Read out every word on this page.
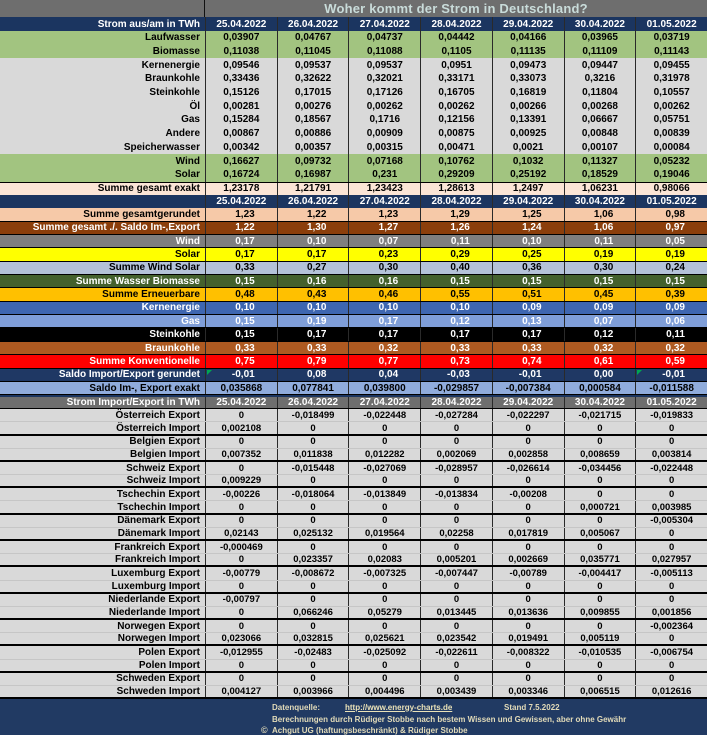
Woher kommt der Strom in Deutschland?
Strom aus/am in TWh	25.04.2022	26.04.2022	27.04.2022	28.04.2022	29.04.2022	30.04.2022	01.05.2022
Laufwasser	0,03907	0,04767	0,04737	0,04442	0,04166	0,03965	0,03719
Biomasse	0,11038	0,11045	0,11088	0,1105	0,11135	0,11109	0,11143
Kernenergie	0,09546	0,09537	0,09537	0,0951	0,09473	0,09447	0,09455
Braunkohle	0,33436	0,32622	0,32021	0,33171	0,33073	0,3216	0,31978
Steinkohle	0,15126	0,17015	0,17126	0,16705	0,16819	0,11804	0,10557
Öl	0,00281	0,00276	0,00262	0,00262	0,00266	0,00268	0,00262
Gas	0,15284	0,18567	0,1716	0,12156	0,13391	0,06667	0,05751
Andere	0,00867	0,00886	0,00909	0,00875	0,00925	0,00848	0,00839
Speicherwasser	0,00342	0,00357	0,00315	0,00471	0,0021	0,00107	0,00084
Wind	0,16627	0,09732	0,07168	0,10762	0,1032	0,11327	0,05232
Solar	0,16724	0,16987	0,231	0,29209	0,25192	0,18529	0,19046
Summe gesamt exakt	1,23178	1,21791	1,23423	1,28613	1,2497	1,06231	0,98066
25.04.2022	26.04.2022	27.04.2022	28.04.2022	29.04.2022	30.04.2022	01.05.2022
Summe gesamtgerundet	1,23	1,22	1,23	1,29	1,25	1,06	0,98
Summe gesamt ./. Saldo Im-,Export	1,22	1,30	1,27	1,26	1,24	1,06	0,97
Wind	0,17	0,10	0,07	0,11	0,10	0,11	0,05
Solar	0,17	0,17	0,23	0,29	0,25	0,19	0,19
Summe Wind Solar	0,33	0,27	0,30	0,40	0,36	0,30	0,24
Summe Wasser Biomasse	0,15	0,16	0,16	0,15	0,15	0,15	0,15
Summe Erneuerbare	0,48	0,43	0,46	0,55	0,51	0,45	0,39
Kernenergie	0,10	0,10	0,10	0,10	0,09	0,09	0,09
Gas	0,15	0,19	0,17	0,12	0,13	0,07	0,06
Steinkohle	0,15	0,17	0,17	0,17	0,17	0,12	0,11
Braunkohle	0,33	0,33	0,32	0,33	0,33	0,32	0,32
Summe Konventionelle	0,75	0,79	0,77	0,73	0,74	0,61	0,59
Saldo Import/Export gerundet	-0,01	0,08	0,04	-0,03	-0,01	0,00	-0,01
Saldo Im-, Export exakt	0,035868	0,077841	0,039800	-0,029857	-0,007384	0,000584	-0,011588
Strom Import/Export in TWh	25.04.2022	26.04.2022	27.04.2022	28.04.2022	29.04.2022	30.04.2022	01.05.2022
Österreich Export	0	-0,018499	-0,022448	-0,027284	-0,022297	-0,021715	-0,019833
Österreich Import	0,002108	0	0	0	0	0	0
Belgien Export	0	0	0	0	0	0	0
Belgien Import	0,007352	0,011838	0,012282	0,002069	0,002858	0,008659	0,003814
Schweiz Export	0	-0,015448	-0,027069	-0,028957	-0,026614	-0,034456	-0,022448
Schweiz Import	0,009229	0	0	0	0	0	0
Tschechin Export	-0,00226	-0,018064	-0,013849	-0,013834	-0,00208	0	0
Tschechin Import	0	0	0	0	0	0,000721	0,003985
Dänemark Export	0	0	0	0	0	0	-0,005304
Dänemark Import	0,02143	0,025132	0,019564	0,02258	0,017819	0,005067	0
Frankreich Export	-0,000469	0	0	0	0	0	0
Frankreich Import	0	0,023357	0,02083	0,005201	0,002669	0,035771	0,027957
Luxemburg Export	-0,00779	-0,008672	-0,007325	-0,007447	-0,00789	-0,004417	-0,005113
Luxemburg Import	0	0	0	0	0	0	0
Niederlande Export	-0,00797	0	0	0	0	0	0
Niederlande Import	0	0,066246	0,05279	0,013445	0,013636	0,009855	0,001856
Norwegen Export	0	0	0	0	0	0	-0,002364
Norwegen Import	0,023066	0,032815	0,025621	0,023542	0,019491	0,005119	0
Polen Export	-0,012955	-0,02483	-0,025092	-0,022611	-0,008322	-0,010535	-0,006754
Polen Import	0	0	0	0	0	0	0
Schweden Export	0	0	0	0	0	0	0
Schweden Import	0,004127	0,003966	0,004496	0,003439	0,003346	0,006515	0,012616
Datenquelle:	http://www.energy-charts.de	Stand 7.5.2022
Berechnungen durch Rüdiger Stobbe nach bestem Wissen und Gewissen, aber ohne Gewähr
© Achgut UG (haftungsbeschränkt) & Rüdiger Stobbe
